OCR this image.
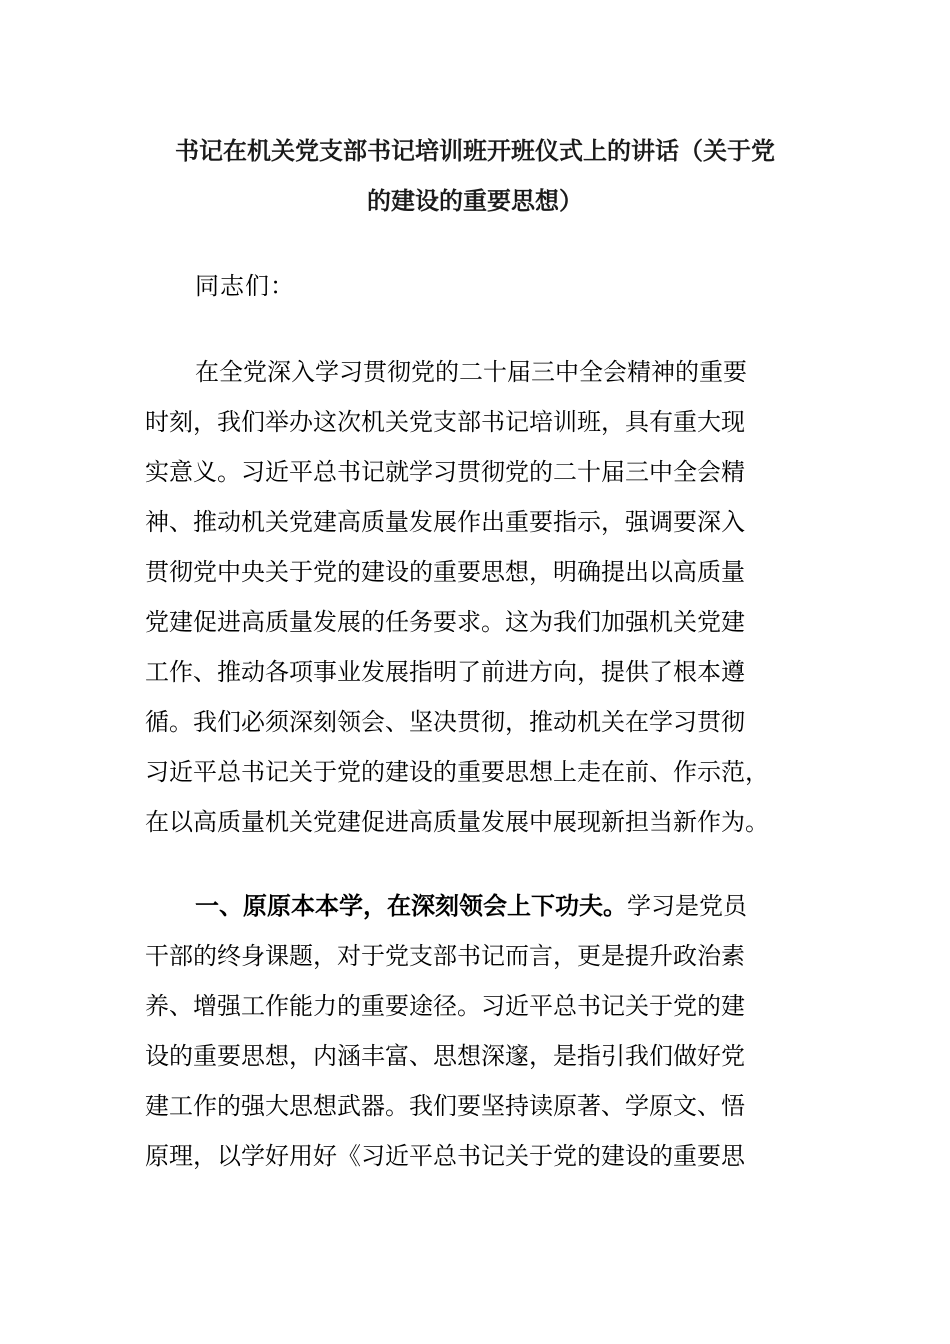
书记在机关党支部书记培训班开班仪式上的讲话（关于党
的建设的重要思想）
同志们：
在全党深入学习贯彻党的二十届三中全会精神的重要
时刻，我们举办这次机关党支部书记培训班，具有重大现
实意义。习近平总书记就学习贯彻党的二十届三中全会精
神、推动机关党建高质量发展作出重要指示，强调要深入
贯彻党中央关于党的建设的重要思想，明确提出以高质量
党建促进高质量发展的任务要求。这为我们加强机关党建
工作、推动各项事业发展指明了前进方向，提供了根本遵
循。我们必须深刻领会、坚决贯彻，推动机关在学习贯彻
习近平总书记关于党的建设的重要思想上走在前、作示范，
在以高质量机关党建促进高质量发展中展现新担当新作为。
一、原原本本学，在深刻领会上下功夫。学习是党员
干部的终身课题，对于党支部书记而言，更是提升政治素
养、增强工作能力的重要途径。习近平总书记关于党的建
设的重要思想，内涵丰富、思想深邃，是指引我们做好党
建工作的强大思想武器。我们要坚持读原著、学原文、悟
原理，以学好用好《习近平总书记关于党的建设的重要思
